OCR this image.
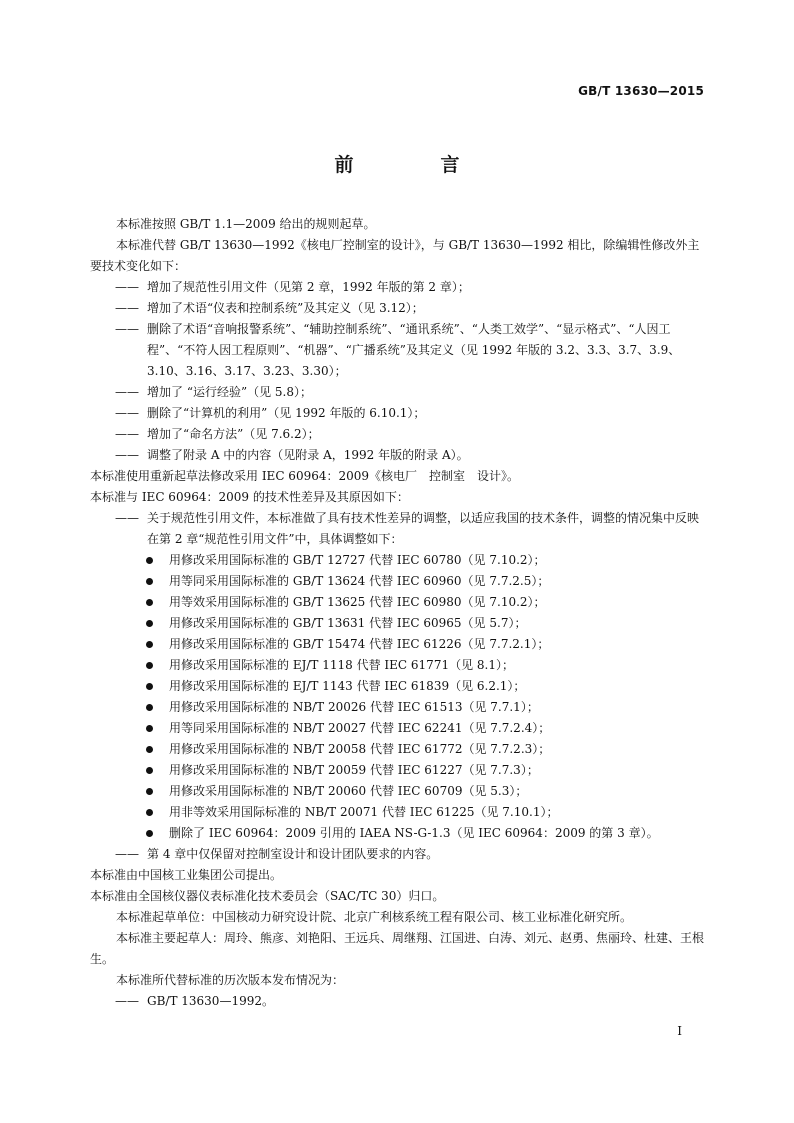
GB/T 13630—2015
前　言

本标准按照 GB/T 1.1—2009 给出的规则起草。

本标准代替 GB/T 13630—1992《核电厂控制室的设计》，与 GB/T 13630—1992 相比，除编辑性修改外主要技术变化如下：

—— 增加了规范性引用文件（见第 2 章，1992 年版的第 2 章）；

—— 增加了术语“仪表和控制系统”及其定义（见 3.12）；

—— 删除了术语“音响报警系统”、“辅助控制系统”、“通讯系统”、“人类工效学”、“显示格式”、“人因工程”、“不符人因工程原则”、“机器”、“广播系统”及其定义（见 1992 年版的 3.2、3.3、3.7、3.9、3.10、3.16、3.17、3.23、3.30）；

—— 增加了 “运行经验”（见 5.8）；

—— 删除了“计算机的利用”（见 1992 年版的 6.10.1）；

—— 增加了“命名方法”（见 7.6.2）；

—— 调整了附录 A 中的内容（见附录 A，1992 年版的附录 A）。

本标准使用重新起草法修改采用 IEC 60964：2009《核电厂　控制室　设计》。

本标准与 IEC 60964：2009 的技术性差异及其原因如下：

—— 关于规范性引用文件，本标准做了具有技术性差异的调整，以适应我国的技术条件，调整的情况集中反映在第 2 章“规范性引用文件”中，具体调整如下：

用修改采用国际标准的 GB/T 12727 代替 IEC 60780（见 7.10.2）；
用等同采用国际标准的 GB/T 13624 代替 IEC 60960（见 7.7.2.5）；
用等效采用国际标准的 GB/T 13625 代替 IEC 60980（见 7.10.2）；
用修改采用国际标准的 GB/T 13631 代替 IEC 60965（见 5.7）；
用修改采用国际标准的 GB/T 15474 代替 IEC 61226（见 7.7.2.1）；
用修改采用国际标准的 EJ/T 1118 代替 IEC 61771（见 8.1）；
用修改采用国际标准的 EJ/T 1143 代替 IEC 61839（见 6.2.1）；
用修改采用国际标准的 NB/T 20026 代替 IEC 61513（见 7.7.1）；
用等同采用国际标准的 NB/T 20027 代替 IEC 62241（见 7.7.2.4）；
用修改采用国际标准的 NB/T 20058 代替 IEC 61772（见 7.7.2.3）；
用修改采用国际标准的 NB/T 20059 代替 IEC 61227（见 7.7.3）；
用修改采用国际标准的 NB/T 20060 代替 IEC 60709（见 5.3）；
用非等效采用国际标准的 NB/T 20071 代替 IEC 61225（见 7.10.1）；
删除了 IEC 60964：2009 引用的 IAEA NS-G-1.3（见 IEC 60964：2009 的第 3 章）。

—— 第 4 章中仅保留对控制室设计和设计团队要求的内容。

本标准由中国核工业集团公司提出。

本标准由全国核仪器仪表标准化技术委员会（SAC/TC 30）归口。

本标准起草单位：中国核动力研究设计院、北京广利核系统工程有限公司、核工业标准化研究所。

本标准主要起草人：周玲、熊彦、刘艳阳、王远兵、周继翔、江国进、白涛、刘元、赵勇、焦丽玲、杜建、王根生。

本标准所代替标准的历次版本发布情况为：

—— GB/T 13630—1992。

Ⅰ
